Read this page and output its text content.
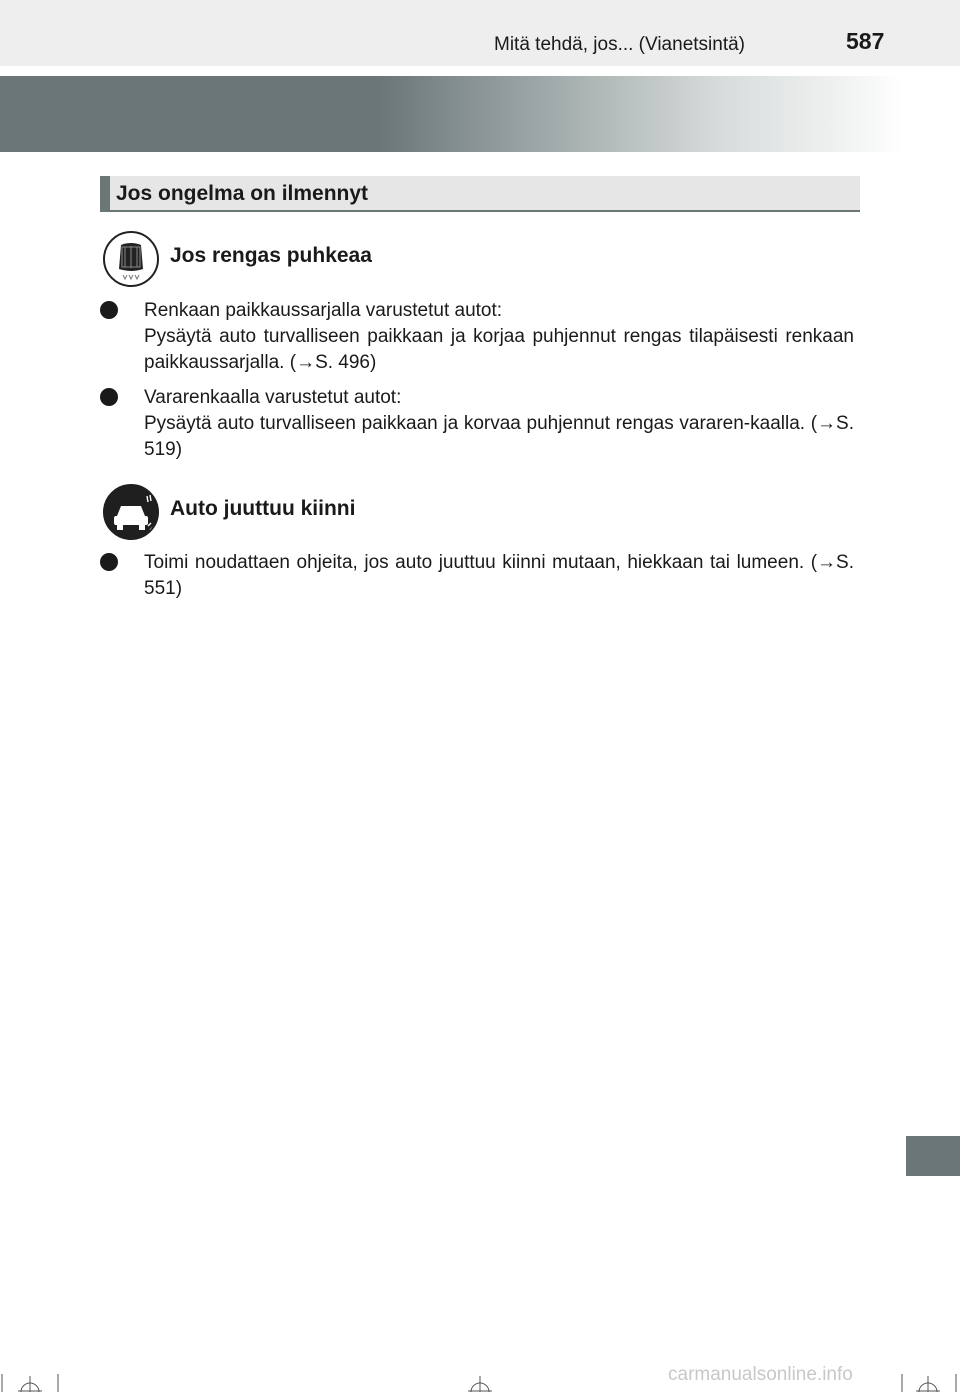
Mitä tehdä, jos... (Vianetsintä)	587
Jos ongelma on ilmennyt
Jos rengas puhkeaa
Renkaan paikkaussarjalla varustetut autot:
Pysäytä auto turvalliseen paikkaan ja korjaa puhjennut rengas tilapäisesti renkaan paikkaussarjalla. (→S. 496)
Vararenkaalla varustetut autot:
Pysäytä auto turvalliseen paikkaan ja korvaa puhjennut rengas vararen-kaalla. (→S. 519)
Auto juuttuu kiinni
Toimi noudattaen ohjeita, jos auto juuttuu kiinni mutaan, hiekkaan tai lumeen. (→S. 551)
carmanualsonline.info
